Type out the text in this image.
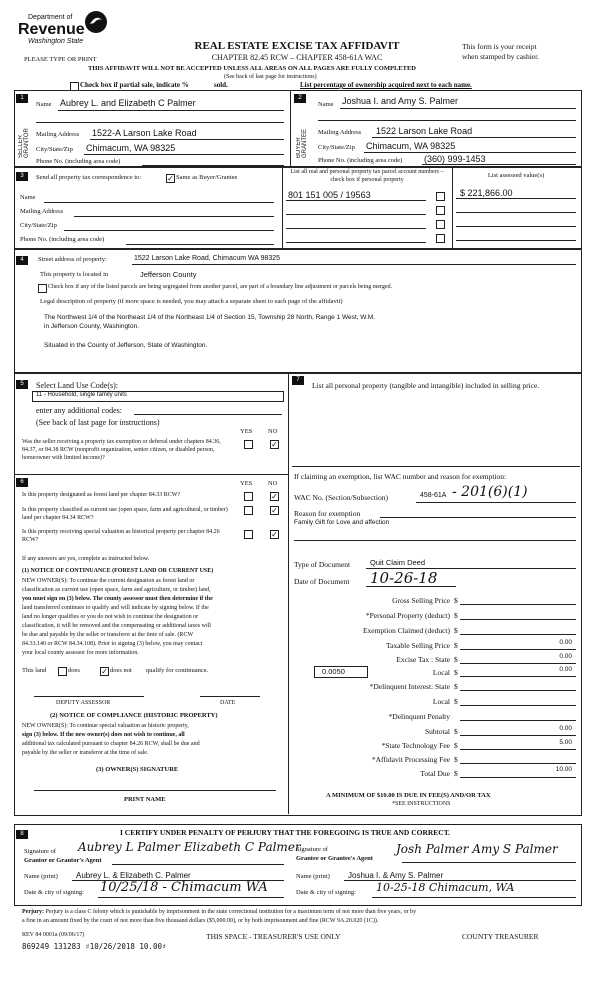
Department of
Revenue
Washington State	REAL ESTATE EXCISE TAX AFFIDAVIT
CHAPTER 82.45 RCW – CHAPTER 458-61A WAC
This form is your receipt
when stamped by cashier.
PLEASE TYPE OR PRINT
THIS AFFIDAVIT WILL NOT BE ACCEPTED UNLESS ALL AREAS ON ALL PAGES ARE FULLY COMPLETED
(See back of last page for instructions)
Check box if partial sale, indicate %	sold.	List percentage of ownership acquired next to each name.
1
SELLER GRANTOR
Name Aubrey L. and Elizabeth C Palmer
Mailing Address 1522-A Larson Lake Road
City/State/Zip Chimacum, WA 98325
Phone No. (including area code)
2
BUYER GRANTEE
Name Joshua I. and Amy S. Palmer
Mailing Address 1522 Larson Lake Road
City/State/Zip Chimacum, WA 98325
Phone No. (including area code) (360) 999-1453
3	Send all property tax correspondence to:	✓ Same as Buyer/Grantee
Name
Mailing Address
City/State/Zip
Phone No. (including area code)
List all real and personal property tax parcel account numbers – check box if personal property
List assessed value(s)
801 151 005 / 19563	$ 221,866.00
4	Street address of property:	1522 Larson Lake Road, Chimacum WA 98325
This property is located in	Jefferson County
Check box if any of the listed parcels are being segregated from another parcel, are part of a boundary line adjustment or parcels being merged.
Legal description of property (if more space is needed, you may attach a separate sheet to each page of the affidavit)
The Northwest 1/4 of the Northeast 1/4 of the Northeast 1/4 of Section 15, Township 28 North, Range 1 West, W.M.
in Jefferson County, Washington.
Situated in the County of Jefferson, State of Washington.
5	Select Land Use Code(s):
11 - Household, single family units
enter any additional codes:
(See back of last page for instructions)
YES NO
Was the seller receiving a property tax exemption or deferral under chapters 84.36, 84.37, or 84.38 RCW (nonprofit organization, senior citizen, or disabled person, homeowner with limited income)?
✓
6	YES NO
Is this property designated as forest land per chapter 84.33 RCW?	✓
Is this property classified as current use (open space, farm and agricultural, or timber) land per chapter 84.34 RCW?
✓
Is this property receiving special valuation as historical property per chapter 84.26 RCW?
✓
If any answers are yes, complete as instructed below.
(1) NOTICE OF CONTINUANCE (FOREST LAND OR CURRENT USE)
NEW OWNER(S): To continue the current designation as forest land or
classification as current use (open space, farm and agriculture, or timber) land,
you must sign on (3) below. The county assessor must then determine if the
land transferred continues to qualify and will indicate by signing below. If the
land no longer qualifies or you do not wish to continue the designation or
classification, it will be removed and the compensating or additional taxes will
be due and payable by the seller or transferor at the time of sale. (RCW
84.33.140 or RCW 84.34.108). Prior to signing (3) below, you may contact
your local county assessor for more information.
This land	does	✓ does not qualify for continuance.
DEPUTY ASSESSOR	DATE
(2) NOTICE OF COMPLIANCE (HISTORIC PROPERTY)
NEW OWNER(S): To continue special valuation as historic property,
sign (3) below. If the new owner(s) does not wish to continue, all
additional tax calculated pursuant to chapter 84.26 RCW, shall be due and
payable by the seller or transferor at the time of sale.
(3) OWNER(S) SIGNATURE
PRINT NAME
7
List all personal property (tangible and intangible) included in selling price.
If claiming an exemption, list WAC number and reason for exemption:
WAC No. (Section/Subsection)	458-61A - 201(6)(1)
Reason for exemption
Family Gift for Love and affection
Type of Document	Quit Claim Deed
Date of Document 10-26-18
Gross Selling Price $
*Personal Property (deduct) $
Exemption Claimed (deduct) $
Taxable Selling Price $	0.00
Excise Tax : State $	0.00
0.0050	Local $	0.00
*Delinquent Interest: State $
Local $
*Delinquent Penalty
Subtotal $	0.00
*State Technology Fee $	5.00
*Affidavit Processing Fee $
Total Due $	10.00
A MINIMUM OF $10.00 IS DUE IN FEE(S) AND/OR TAX
*SEE INSTRUCTIONS
8	I CERTIFY UNDER PENALTY OF PERJURY THAT THE FOREGOING IS TRUE AND CORRECT.
Signature of
Grantor or Grantor's Agent
Aubrey L Palmer Elizabeth C Palmer
Name (print) Aubrey L. & Elizabeth C. Palmer
Date & city of signing: 10/25/18 - Chimacum WA
Signature of
Grantee or Grantee's Agent
Josh Palmer Amy S Palmer
Name (print) Joshua I. & Amy S. Palmer
Date & city of signing: 10-25-18 Chimacum, WA
Perjury: Perjury is a class C felony which is punishable by imprisonment in the state correctional institution for a maximum term of not more than five years, or by
a fine in an amount fixed by the court of not more than five thousand dollars ($5,000.00), or by both imprisonment and fine (RCW 9A.20.020 (1C)).
REV 84 0001a (09/06/17)	THIS SPACE - TREASURER'S USE ONLY	COUNTY TREASURER
869249 131283 ♯10/26/2018 10.00♯
